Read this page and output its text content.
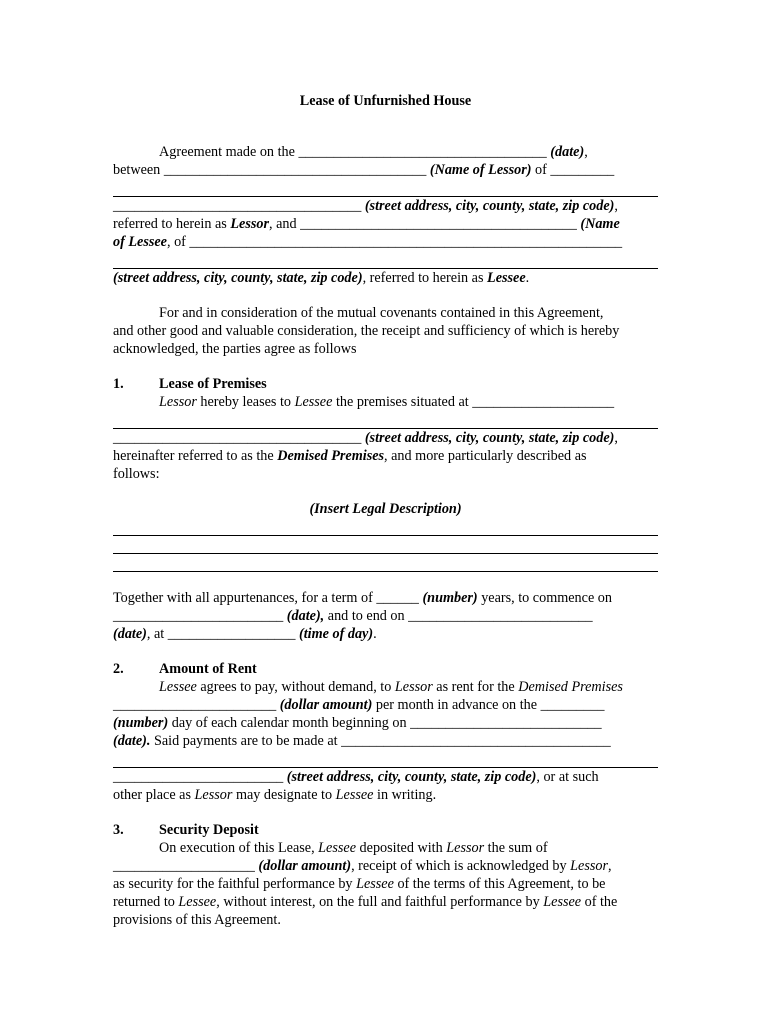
Lease of Unfurnished House

Agreement made on the ___________________________________ (date),
between _____________________________________ (Name of Lessor) of _________
___________________________________ (street address, city, county, state, zip code),
referred to herein as Lessor, and _______________________________________ (Name
of Lessee, of _____________________________________________________________
(street address, city, county, state, zip code), referred to herein as Lessee.
For and in consideration of the mutual covenants contained in this Agreement,
and other good and valuable consideration, the receipt and sufficiency of which is hereby
acknowledged, the parties agree as follows
1.	Lease of Premises
Lessor hereby leases to Lessee the premises situated at ____________________
___________________________________ (street address, city, county, state, zip code),
hereinafter referred to as the Demised Premises, and more particularly described as
follows:
(Insert Legal Description)
Together with all appurtenances, for a term of ______ (number) years, to commence on
________________________ (date), and to end on __________________________
(date), at __________________ (time of day).
2.	Amount of Rent
Lessee agrees to pay, without demand, to Lessor as rent for the Demised Premises
_______________________ (dollar amount) per month in advance on the _________
(number) day of each calendar month beginning on ___________________________
(date). Said payments are to be made at ______________________________________
________________________ (street address, city, county, state, zip code), or at such
other place as Lessor may designate to Lessee in writing.
3.	Security Deposit
On execution of this Lease, Lessee deposited with Lessor the sum of
____________________ (dollar amount), receipt of which is acknowledged by Lessor,
as security for the faithful performance by Lessee of the terms of this Agreement, to be
returned to Lessee, without interest, on the full and faithful performance by Lessee of the
provisions of this Agreement.
